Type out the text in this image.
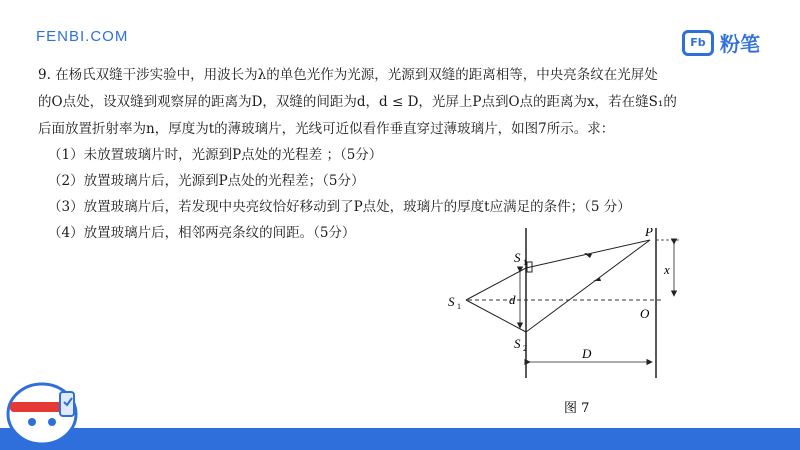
FENBI.COM	Fb 粉笔

9. 在杨氏双缝干涉实验中，用波长为λ的单色光作为光源，光源到双缝的距离相等，中央亮条纹在光屏处

的O点处，设双缝到观察屏的距离为D，双缝的间距为d，d ≤ D，光屏上P点到O点的距离为x，若在缝S₁的

后面放置折射率为n，厚度为t的薄玻璃片，光线可近似看作垂直穿过薄玻璃片，如图7所示。求：

（1）未放置玻璃片时，光源到P点处的光程差 ；（5分）
（2）放置玻璃片后，光源到P点处的光程差；（5分）
（3）放置玻璃片后，若发现中央亮纹恰好移动到了P点处，玻璃片的厚度t应满足的条件；（5 分）
（4）放置玻璃片后，相邻两亮条纹的间距。（5分）
S 1
S 1
S 2
d
P
O
x
D
图 7
